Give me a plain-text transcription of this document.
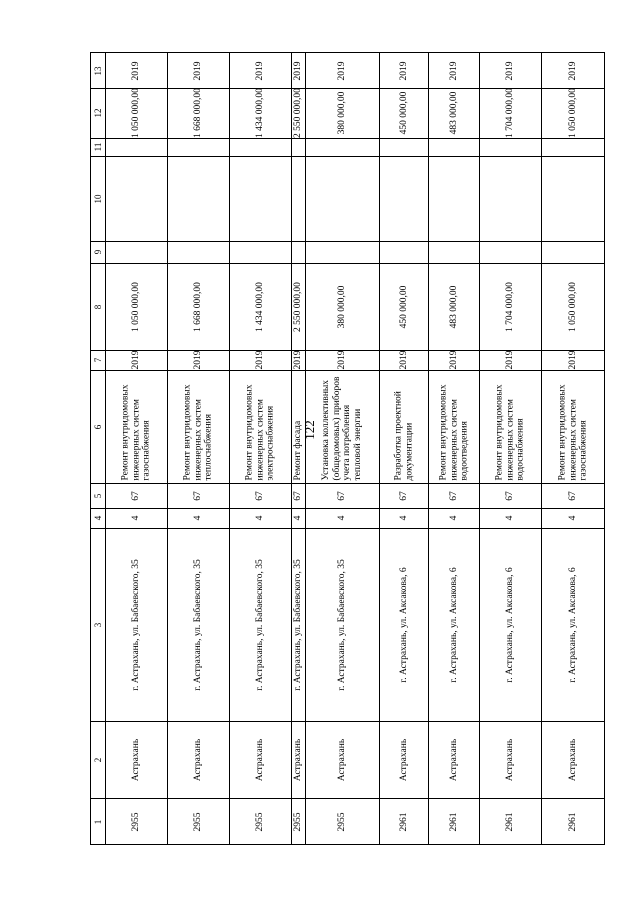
122
1
2
3
4
5
6
7
8
9
10
11
12
13
2955
Астрахань
г. Астрахань, ул. Бабаевского, 35
4
67
Ремонт внутридомовых инженерных систем газоснабжения
2019
1 050 000,00
1 050 000,00
2019
2955
Астрахань
г. Астрахань, ул. Бабаевского, 35
4
67
Ремонт внутридомовых инженерных систем теплоснабжения
2019
1 668 000,00
1 668 000,00
2019
2955
Астрахань
г. Астрахань, ул. Бабаевского, 35
4
67
Ремонт внутридомовых инженерных систем электроснабжения
2019
1 434 000,00
1 434 000,00
2019
2955
Астрахань
г. Астрахань, ул. Бабаевского, 35
4
67
Ремонт фасада
2019
2 550 000,00
2 550 000,00
2019
2955
Астрахань
г. Астрахань, ул. Бабаевского, 35
4
67
Установка коллективных (общедомовых) приборов учета потребления тепловой энергии
2019
380 000,00
380 000,00
2019
2961
Астрахань
г. Астрахань, ул. Аксакова, 6
4
67
Разработка проектной документации
2019
450 000,00
450 000,00
2019
2961
Астрахань
г. Астрахань, ул. Аксакова, 6
4
67
Ремонт внутридомовых инженерных систем водоотведения
2019
483 000,00
483 000,00
2019
2961
Астрахань
г. Астрахань, ул. Аксакова, 6
4
67
Ремонт внутридомовых инженерных систем водоснабжения
2019
1 704 000,00
1 704 000,00
2019
2961
Астрахань
г. Астрахань, ул. Аксакова, 6
4
67
Ремонт внутридомовых инженерных систем газоснабжения
2019
1 050 000,00
1 050 000,00
2019
